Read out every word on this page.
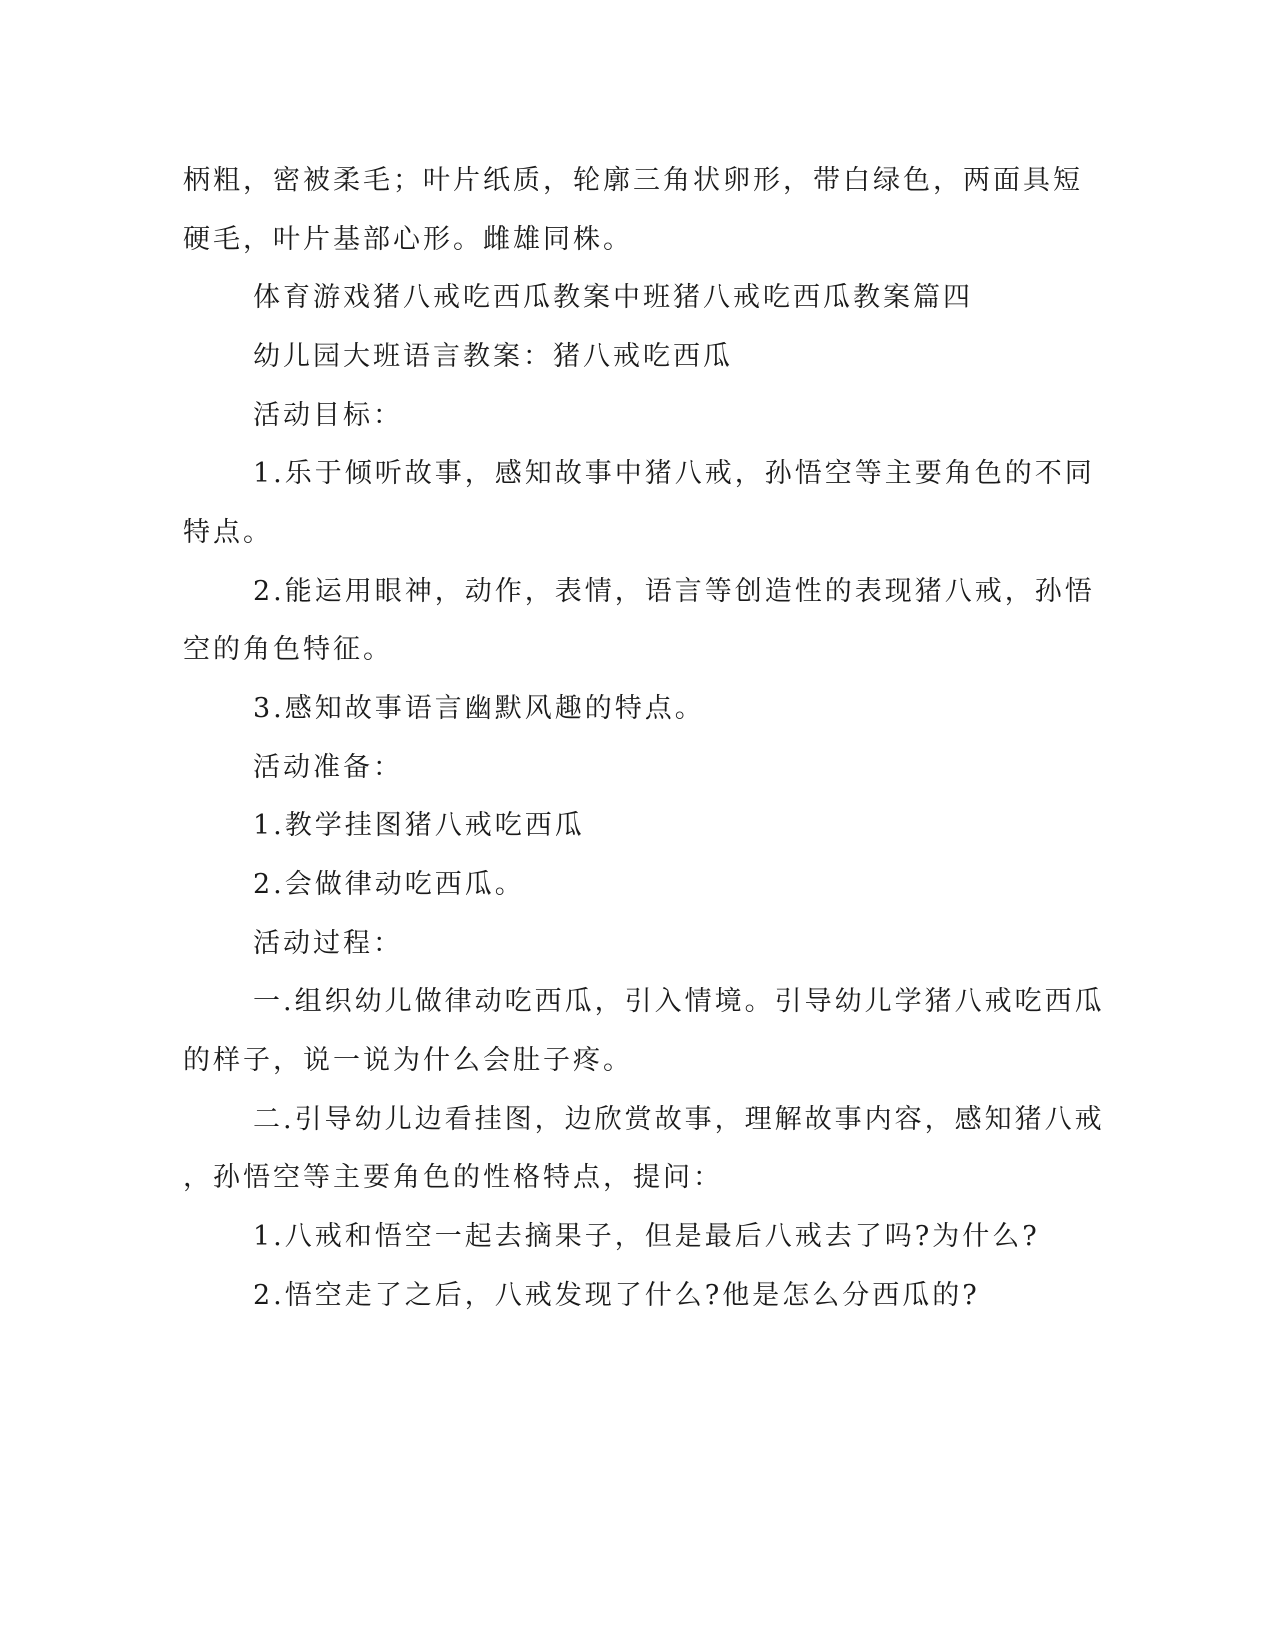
柄粗，密被柔毛；叶片纸质，轮廓三角状卵形，带白绿色，两面具短
硬毛，叶片基部心形。雌雄同株。
体育游戏猪八戒吃西瓜教案中班猪八戒吃西瓜教案篇四
幼儿园大班语言教案：猪八戒吃西瓜
活动目标：
1.乐于倾听故事，感知故事中猪八戒，孙悟空等主要角色的不同
特点。
2.能运用眼神，动作，表情，语言等创造性的表现猪八戒，孙悟
空的角色特征。
3.感知故事语言幽默风趣的特点。
活动准备：
1.教学挂图猪八戒吃西瓜
2.会做律动吃西瓜。
活动过程：
一.组织幼儿做律动吃西瓜，引入情境。引导幼儿学猪八戒吃西瓜
的样子，说一说为什么会肚子疼。
二.引导幼儿边看挂图，边欣赏故事，理解故事内容，感知猪八戒
，孙悟空等主要角色的性格特点，提问：
1.八戒和悟空一起去摘果子，但是最后八戒去了吗?为什么?
2.悟空走了之后，八戒发现了什么?他是怎么分西瓜的?
